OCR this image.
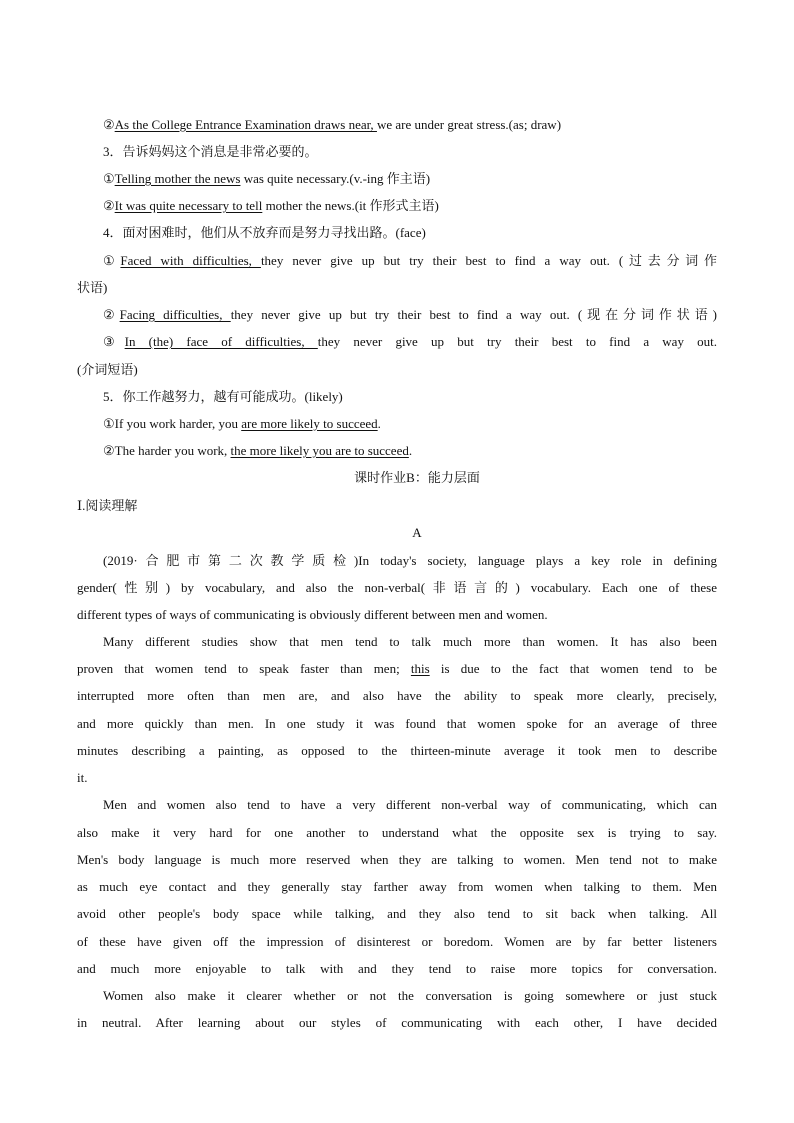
②As the College Entrance Examination draws near, we are under great stress.(as; draw)
3．告诉妈妈这个消息是非常必要的。
①Telling mother the news was quite necessary.(v.-ing 作主语)
②It was quite necessary to tell mother the news.(it 作形式主语)
4．面对困难时，他们从不放弃而是努力寻找出路。(face)
①Faced with difficulties, they never give up but try their best to find a way out. (过去分词作
状语)
②Facing difficulties, they never give up but try their best to find a way out. (现在分词作状语)
③In (the) face of difficulties, they never give up but try their best to find a way out.
(介词短语)
5．你工作越努力，越有可能成功。(likely)
①If you work harder, you are more likely to succeed.
②The harder you work, the more likely you are to succeed.
课时作业B：能力层面
Ⅰ.阅读理解
A
(2019·合肥市第二次教学质检)In today's society, language plays a key role in defining
gender(性别) by vocabulary, and also the non-verbal(非语言的) vocabulary. Each one of these
different types of ways of communicating is obviously different between men and women.
Many different studies show that men tend to talk much more than women. It has also been
proven that women tend to speak faster than men; this is due to the fact that women tend to be
interrupted more often than men are, and also have the ability to speak more clearly, precisely,
and more quickly than men. In one study it was found that women spoke for an average of three
minutes describing a painting, as opposed to the thirteen-minute average it took men to describe
it.
Men and women also tend to have a very different non-verbal way of communicating, which can
also make it very hard for one another to understand what the opposite sex is trying to say.
Men's body language is much more reserved when they are talking to women. Men tend not to make
as much eye contact and they generally stay farther away from women when talking to them. Men
avoid other people's body space while talking, and they also tend to sit back when talking. All
of these have given off the impression of disinterest or boredom. Women are by far better listeners
and much more enjoyable to talk with and they tend to raise more topics for conversation.
Women also make it clearer whether or not the conversation is going somewhere or just stuck
in neutral. After learning about our styles of communicating with each other, I have decided
